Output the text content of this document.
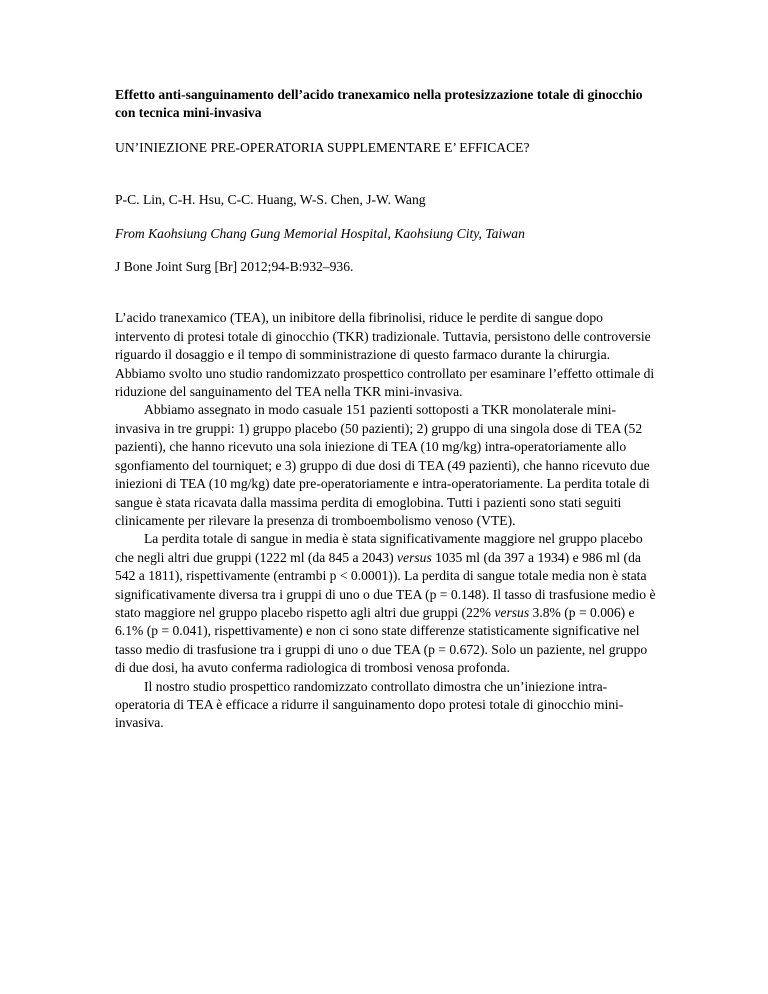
Effetto anti-sanguinamento dell’acido tranexamico nella protesizzazione totale di ginocchio con tecnica mini-invasiva

UN’INIEZIONE PRE-OPERATORIA SUPPLEMENTARE E’ EFFICACE?

P-C. Lin, C-H. Hsu, C-C. Huang, W-S. Chen, J-W. Wang

From Kaohsiung Chang Gung Memorial Hospital, Kaohsiung City, Taiwan

J Bone Joint Surg [Br] 2012;94-B:932–936.

L’acido tranexamico (TEA), un inibitore della fibrinolisi, riduce le perdite di sangue dopo intervento di protesi totale di ginocchio (TKR) tradizionale. Tuttavia, persistono delle controversie riguardo il dosaggio e il tempo di somministrazione di questo farmaco durante la chirurgia. Abbiamo svolto uno studio randomizzato prospettico controllato per esaminare l’effetto ottimale di riduzione del sanguinamento del TEA nella TKR mini-invasiva.

Abbiamo assegnato in modo casuale 151 pazienti sottoposti a TKR monolaterale mini-invasiva in tre gruppi: 1) gruppo placebo (50 pazienti); 2) gruppo di una singola dose di TEA (52 pazienti), che hanno ricevuto una sola iniezione di TEA (10 mg/kg) intra-operatoriamente allo sgonfiamento del tourniquet; e 3) gruppo di due dosi di TEA (49 pazienti), che hanno ricevuto due iniezioni di TEA (10 mg/kg) date pre-operatoriamente e intra-operatoriamente. La perdita totale di sangue è stata ricavata dalla massima perdita di emoglobina. Tutti i pazienti sono stati seguiti clinicamente per rilevare la presenza di tromboembolismo venoso (VTE).

La perdita totale di sangue in media è stata significativamente maggiore nel gruppo placebo che negli altri due gruppi (1222 ml (da 845 a 2043) versus 1035 ml (da 397 a 1934) e 986 ml (da 542 a 1811), rispettivamente (entrambi p < 0.0001)). La perdita di sangue totale media non è stata significativamente diversa tra i gruppi di uno o due TEA (p = 0.148). Il tasso di trasfusione medio è stato maggiore nel gruppo placebo rispetto agli altri due gruppi (22% versus 3.8% (p = 0.006) e 6.1% (p = 0.041), rispettivamente) e non ci sono state differenze statisticamente significative nel tasso medio di trasfusione tra i gruppi di uno o due TEA (p = 0.672). Solo un paziente, nel gruppo di due dosi, ha avuto conferma radiologica di trombosi venosa profonda.

Il nostro studio prospettico randomizzato controllato dimostra che un’iniezione intra-operatoria di TEA è efficace a ridurre il sanguinamento dopo protesi totale di ginocchio mini-invasiva.
